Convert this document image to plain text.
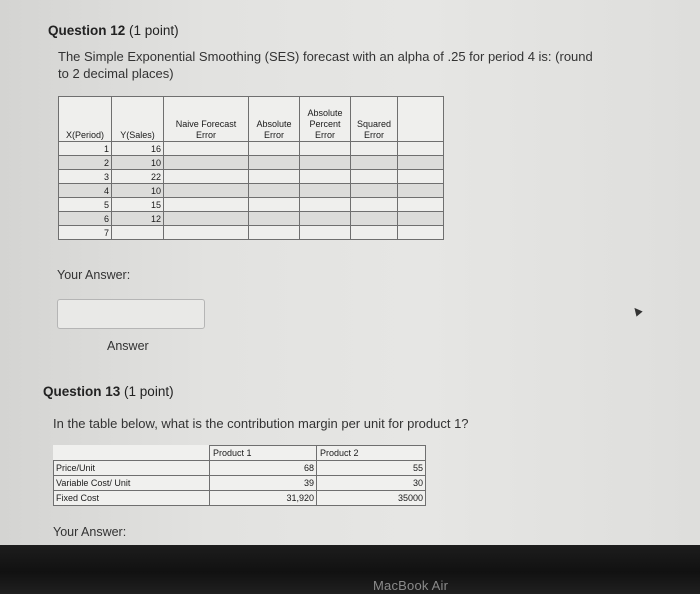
Question 12 (1 point)
The Simple Exponential Smoothing (SES) forecast with an alpha of .25 for period 4 is: (round to 2 decimal places)
X(Period)	Y(Sales)	Naive Forecast Error	Absolute Error	Absolute Percent Error	Squared Error	
1	16					
2	10					
3	22					
4	10					
5	15					
6	12					
7						
Your Answer:
Answer
Question 13 (1 point)
In the table below, what is the contribution margin per unit for product 1?
	Product 1	Product 2
Price/Unit	68	55
Variable Cost/ Unit	39	30
Fixed Cost	31,920	35000
Your Answer:
MacBook Air
